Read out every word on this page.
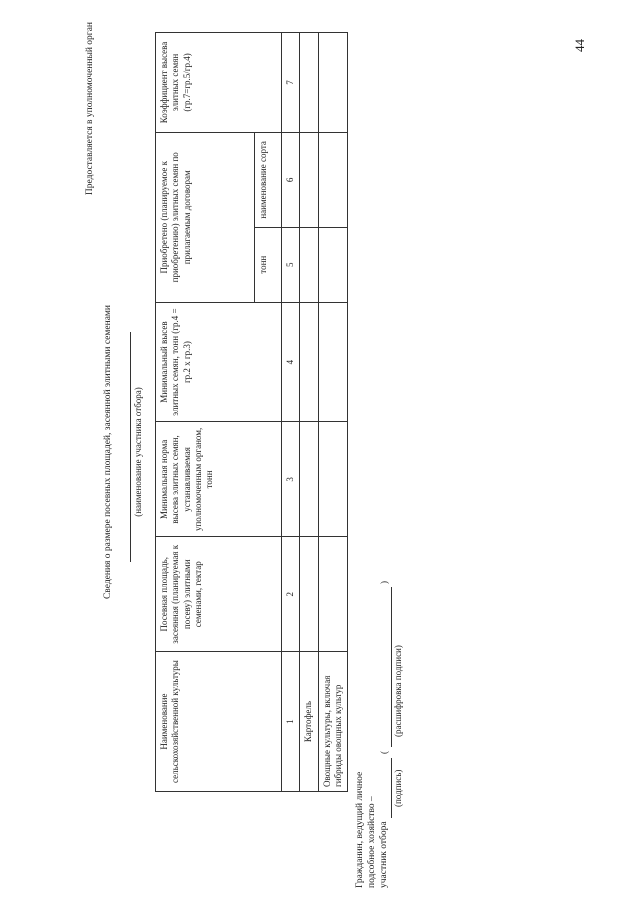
44
Предоставляется в уполномоченный орган
Сведения о размере посевных площадей, засеянной элитными семенами (наименование участника отбора)
Наименование сельскохозяйственной культуры	Посевная площадь, засеянная (планируемая к посеву) элитными семенами, гектар	Минимальная норма высева элитных семян, устанавливаемая уполномоченным органом, тонн	Минимальный высев элитных семян, тонн (гр.4 = гр.2 х гр.3)	Приобретено (планируемое к приобретению) элитных семян по прилагаемым договорам		Коэффициент высева элитных семян (гр.7=гр.5/гр.4)
				тонн	наименование сорта	
1	2	3	4	5	6	7
Картофель						
Овощные культуры, включая гибриды овощных культур						
Гражданин, ведущий личное подсобное хозяйство – участник отбора
(
)
(подпись)
(расшифровка подписи)
